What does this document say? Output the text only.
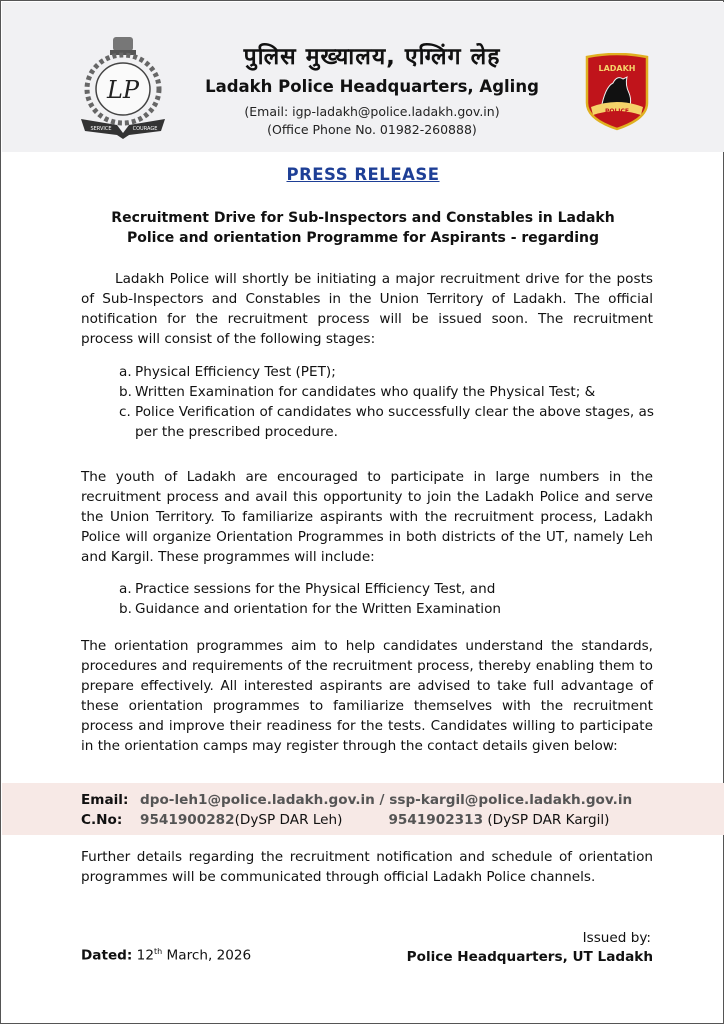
LP
SERVICE	COURAGE
पुलिस मुख्यालय, एग्लिंग लेह
Ladakh Police Headquarters, Agling
(Email: igp-ladakh@police.ladakh.gov.in)
(Office Phone No. 01982-260888)
LADAKH
POLICE
PRESS RELEASE
Recruitment Drive for Sub-Inspectors and Constables in Ladakh
Police and orientation Programme for Aspirants - regarding

Ladakh Police will shortly be initiating a major recruitment drive for the posts of Sub-Inspectors and Constables in the Union Territory of Ladakh. The official notification for the recruitment process will be issued soon. The recruitment process will consist of the following stages:

a. Physical Efficiency Test (PET);
b. Written Examination for candidates who qualify the Physical Test; &
c. Police Verification of candidates who successfully clear the above stages, as per the prescribed procedure.

The youth of Ladakh are encouraged to participate in large numbers in the recruitment process and avail this opportunity to join the Ladakh Police and serve the Union Territory. To familiarize aspirants with the recruitment process, Ladakh Police will organize Orientation Programmes in both districts of the UT, namely Leh and Kargil. These programmes will include:

a. Practice sessions for the Physical Efficiency Test, and
b. Guidance and orientation for the Written Examination

The orientation programmes aim to help candidates understand the standards, procedures and requirements of the recruitment process, thereby enabling them to prepare effectively. All interested aspirants are advised to take full advantage of these orientation programmes to familiarize themselves with the recruitment process and improve their readiness for the tests. Candidates willing to participate in the orientation camps may register through the contact details given below:

Email: dpo-leh1@police.ladakh.gov.in / ssp-kargil@police.ladakh.gov.in
C.No: 9541900282(DySP DAR Leh)	9541902313 (DySP DAR Kargil)

Further details regarding the recruitment notification and schedule of orientation programmes will be communicated through official Ladakh Police channels.

Issued by:
Dated: 12th March, 2026	Police Headquarters, UT Ladakh
